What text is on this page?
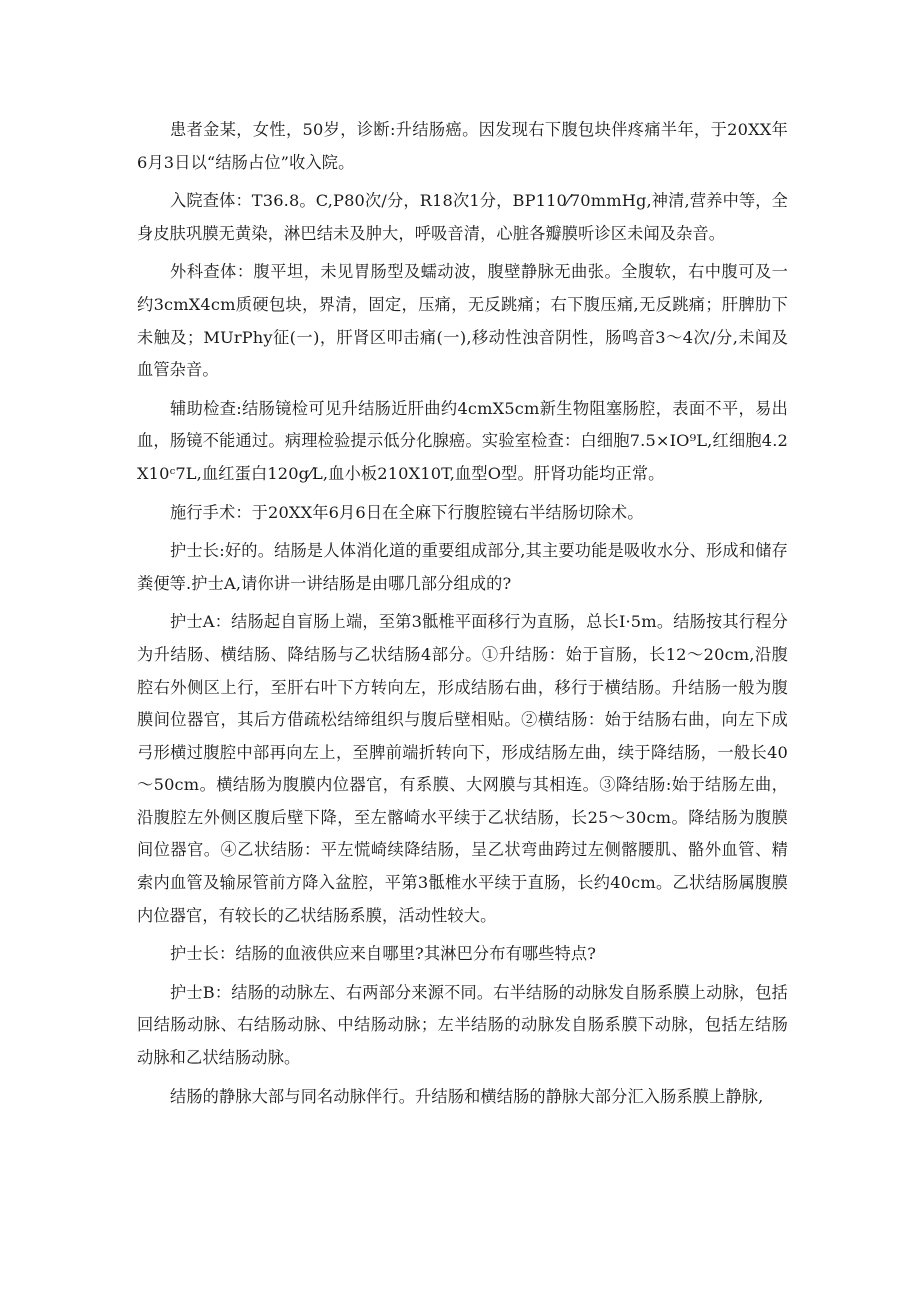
患者金某，女性，50岁，诊断:升结肠癌。因发现右下腹包块伴疼痛半年，于20XX年6月3日以“结肠占位”收入院。

入院查体：T36.8。C,P80次/分，R18次1分，BP110⁄70mmHg,神清,营养中等，全身皮肤巩膜无黄染，淋巴结未及肿大，呼吸音清，心脏各瓣膜听诊区未闻及杂音。

外科查体：腹平坦，未见胃肠型及蠕动波，腹壁静脉无曲张。全腹软，右中腹可及一约3cmX4cm质硬包块，界清，固定，压痛，无反跳痛；右下腹压痛,无反跳痛；肝脾肋下未触及；MUrPhy征(一)，肝肾区叩击痛(一),移动性浊音阴性，肠鸣音3～4次/分,未闻及血管杂音。

辅助检查:结肠镜检可见升结肠近肝曲约4cmX5cm新生物阻塞肠腔，表面不平，易出血，肠镜不能通过。病理检验提示低分化腺癌。实验室检查：白细胞7.5×IO⁹L,红细胞4.2X10ᶜ7L,血红蛋白120g⁄L,血小板210X10T,血型O型。肝肾功能均正常。

施行手术：于20XX年6月6日在全麻下行腹腔镜右半结肠切除术。

护士长:好的。结肠是人体消化道的重要组成部分,其主要功能是吸收水分、形成和储存粪便等.护士A,请你讲一讲结肠是由哪几部分组成的?

护士A：结肠起自盲肠上端，至第3骶椎平面移行为直肠，总长I·5m。结肠按其行程分为升结肠、横结肠、降结肠与乙状结肠4部分。①升结肠：始于盲肠，长12～20cm,沿腹腔右外侧区上行，至肝右叶下方转向左，形成结肠右曲，移行于横结肠。升结肠一般为腹膜间位器官，其后方借疏松结缔组织与腹后壁相贴。②横结肠：始于结肠右曲，向左下成弓形横过腹腔中部再向左上，至脾前端折转向下，形成结肠左曲，续于降结肠，一般长40～50cm。横结肠为腹膜内位器官，有系膜、大网膜与其相连。③降结肠:始于结肠左曲，沿腹腔左外侧区腹后壁下降，至左髂崎水平续于乙状结肠，长25～30cm。降结肠为腹膜间位器官。④乙状结肠：平左慌崎续降结肠，呈乙状弯曲跨过左侧髂腰肌、骼外血管、精索内血管及输尿管前方降入盆腔，平第3骶椎水平续于直肠，长约40cm。乙状结肠属腹膜内位器官，有较长的乙状结肠系膜，活动性较大。

护士长：结肠的血液供应来自哪里?其淋巴分布有哪些特点?

护士B：结肠的动脉左、右两部分来源不同。右半结肠的动脉发自肠系膜上动脉，包括回结肠动脉、右结肠动脉、中结肠动脉；左半结肠的动脉发自肠系膜下动脉，包括左结肠动脉和乙状结肠动脉。

结肠的静脉大部与同名动脉伴行。升结肠和横结肠的静脉大部分汇入肠系膜上静脉,
